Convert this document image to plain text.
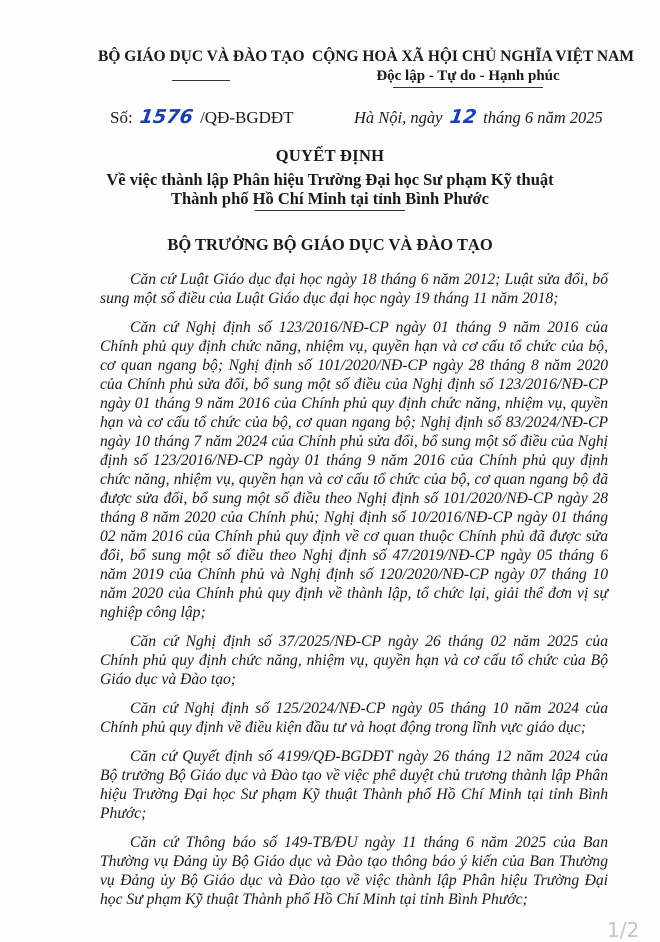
BỘ GIÁO DỤC VÀ ĐÀO TẠO CỘNG HOÀ XÃ HỘI CHỦ NGHĨA VIỆT NAM
Độc lập - Tự do - Hạnh phúc
Số: 1576 /QĐ-BGDĐT	Hà Nội, ngày 12 tháng 6 năm 2025
QUYẾT ĐỊNH
Về việc thành lập Phân hiệu Trường Đại học Sư phạm Kỹ thuật
Thành phố Hồ Chí Minh tại tỉnh Bình Phước
BỘ TRƯỞNG BỘ GIÁO DỤC VÀ ĐÀO TẠO

Căn cứ Luật Giáo dục đại học ngày 18 tháng 6 năm 2012; Luật sửa đổi, bổ sung một số điều của Luật Giáo dục đại học ngày 19 tháng 11 năm 2018;

Căn cứ Nghị định số 123/2016/NĐ-CP ngày 01 tháng 9 năm 2016 của Chính phủ quy định chức năng, nhiệm vụ, quyền hạn và cơ cấu tổ chức của bộ, cơ quan ngang bộ; Nghị định số 101/2020/NĐ-CP ngày 28 tháng 8 năm 2020 của Chính phủ sửa đổi, bổ sung một số điều của Nghị định số 123/2016/NĐ-CP ngày 01 tháng 9 năm 2016 của Chính phủ quy định chức năng, nhiệm vụ, quyền hạn và cơ cấu tổ chức của bộ, cơ quan ngang bộ; Nghị định số 83/2024/NĐ-CP ngày 10 tháng 7 năm 2024 của Chính phủ sửa đổi, bổ sung một số điều của Nghị định số 123/2016/NĐ-CP ngày 01 tháng 9 năm 2016 của Chính phủ quy định chức năng, nhiệm vụ, quyền hạn và cơ cấu tổ chức của bộ, cơ quan ngang bộ đã được sửa đổi, bổ sung một số điều theo Nghị định số 101/2020/NĐ-CP ngày 28 tháng 8 năm 2020 của Chính phủ; Nghị định số 10/2016/NĐ-CP ngày 01 tháng 02 năm 2016 của Chính phủ quy định về cơ quan thuộc Chính phủ đã được sửa đổi, bổ sung một số điều theo Nghị định số 47/2019/NĐ-CP ngày 05 tháng 6 năm 2019 của Chính phủ và Nghị định số 120/2020/NĐ-CP ngày 07 tháng 10 năm 2020 của Chính phủ quy định về thành lập, tổ chức lại, giải thể đơn vị sự nghiệp công lập;

Căn cứ Nghị định số 37/2025/NĐ-CP ngày 26 tháng 02 năm 2025 của Chính phủ quy định chức năng, nhiệm vụ, quyền hạn và cơ cấu tổ chức của Bộ Giáo dục và Đào tạo;

Căn cứ Nghị định số 125/2024/NĐ-CP ngày 05 tháng 10 năm 2024 của Chính phủ quy định về điều kiện đầu tư và hoạt động trong lĩnh vực giáo dục;

Căn cứ Quyết định số 4199/QĐ-BGDĐT ngày 26 tháng 12 năm 2024 của Bộ trưởng Bộ Giáo dục và Đào tạo về việc phê duyệt chủ trương thành lập Phân hiệu Trường Đại học Sư phạm Kỹ thuật Thành phố Hồ Chí Minh tại tỉnh Bình Phước;

Căn cứ Thông báo số 149-TB/ĐU ngày 11 tháng 6 năm 2025 của Ban Thường vụ Đảng ủy Bộ Giáo dục và Đào tạo thông báo ý kiến của Ban Thường vụ Đảng ủy Bộ Giáo dục và Đào tạo về việc thành lập Phân hiệu Trường Đại học Sư phạm Kỹ thuật Thành phố Hồ Chí Minh tại tỉnh Bình Phước;

1/2
